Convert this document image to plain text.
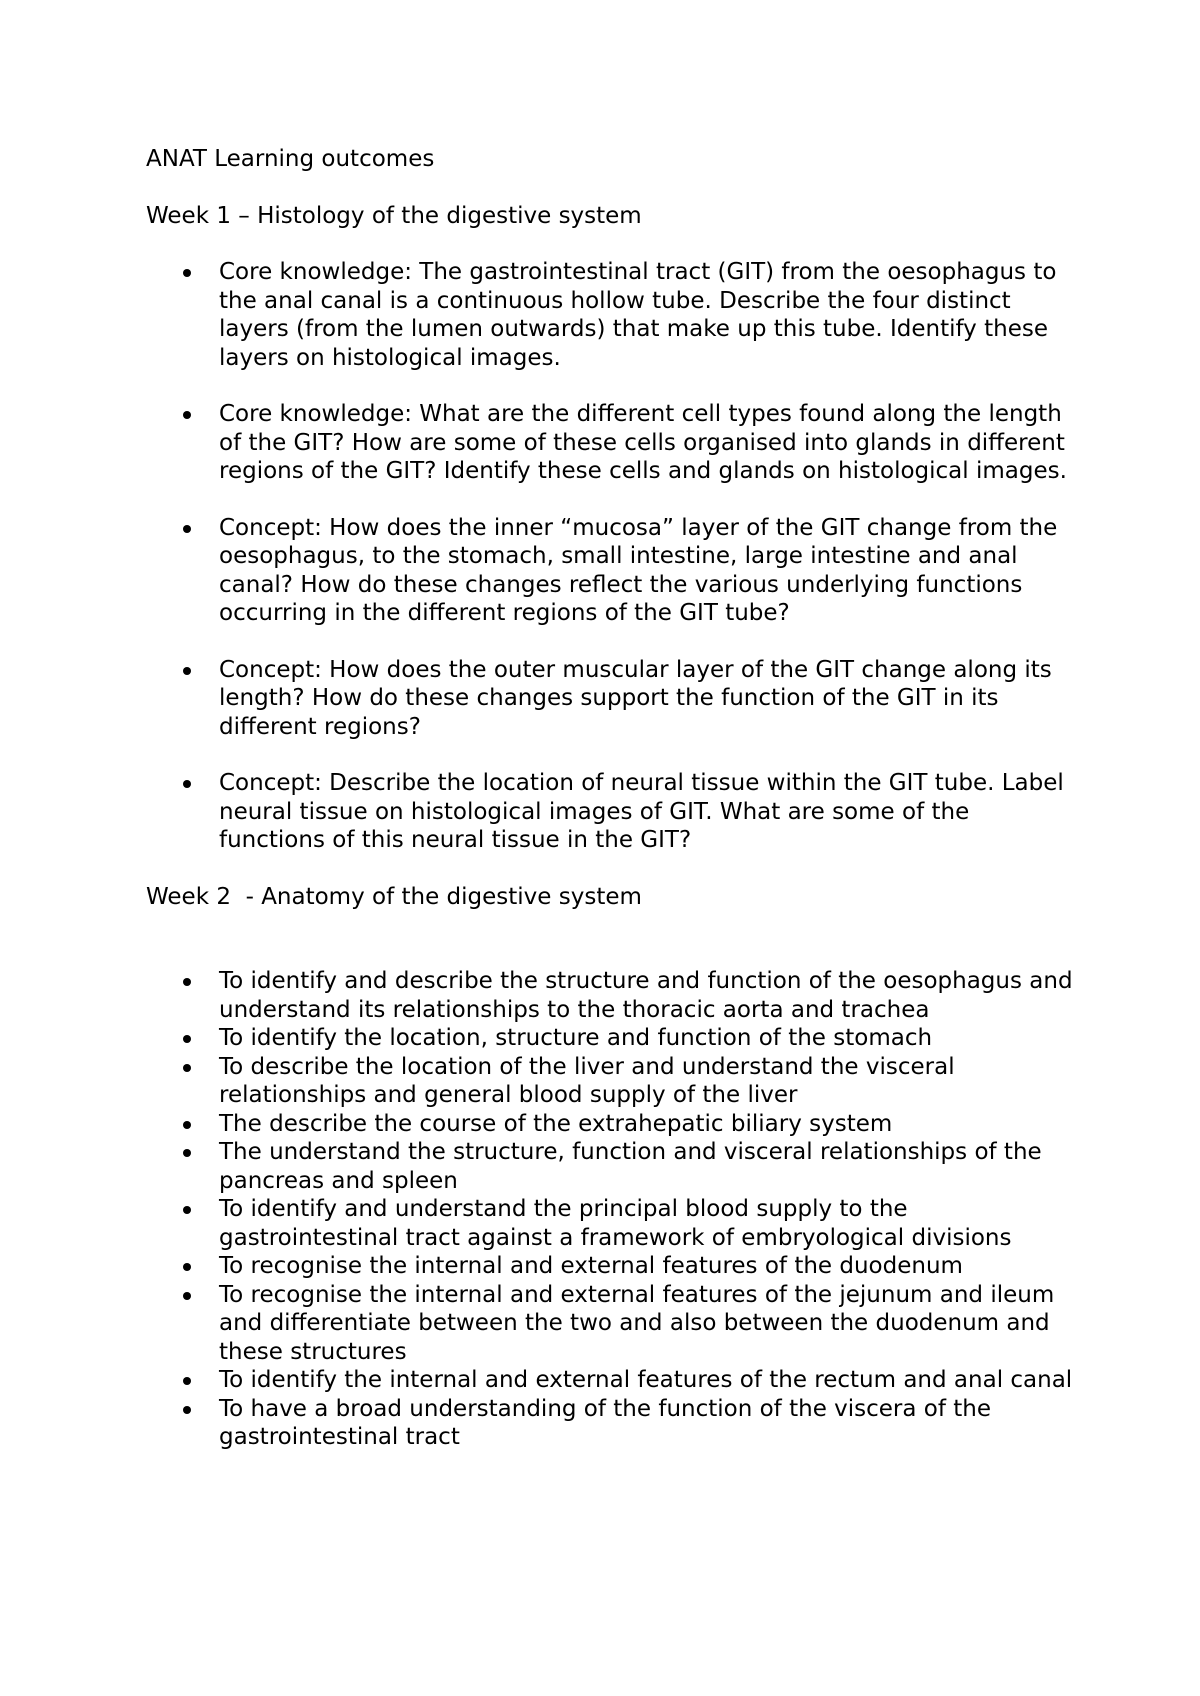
ANAT Learning outcomes
Week 1 – Histology of the digestive system
Core knowledge: The gastrointestinal tract (GIT) from the oesophagus to the anal canal is a continuous hollow tube. Describe the four distinct layers (from the lumen outwards) that make up this tube. Identify these layers on histological images.
Core knowledge: What are the different cell types found along the length of the GIT? How are some of these cells organised into glands in different regions of the GIT? Identify these cells and glands on histological images.
Concept: How does the inner “mucosa” layer of the GIT change from the oesophagus, to the stomach, small intestine, large intestine and anal canal? How do these changes reflect the various underlying functions occurring in the different regions of the GIT tube?
Concept: How does the outer muscular layer of the GIT change along its length? How do these changes support the function of the GIT in its different regions?
Concept: Describe the location of neural tissue within the GIT tube. Label neural tissue on histological images of GIT. What are some of the functions of this neural tissue in the GIT?
Week 2  - Anatomy of the digestive system
To identify and describe the structure and function of the oesophagus and understand its relationships to the thoracic aorta and trachea
To identify the location, structure and function of the stomach
To describe the location of the liver and understand the visceral relationships and general blood supply of the liver
The describe the course of the extrahepatic biliary system
The understand the structure, function and visceral relationships of the pancreas and spleen
To identify and understand the principal blood supply to the gastrointestinal tract against a framework of embryological divisions
To recognise the internal and external features of the duodenum
To recognise the internal and external features of the jejunum and ileum and differentiate between the two and also between the duodenum and these structures
To identify the internal and external features of the rectum and anal canal
To have a broad understanding of the function of the viscera of the gastrointestinal tract
